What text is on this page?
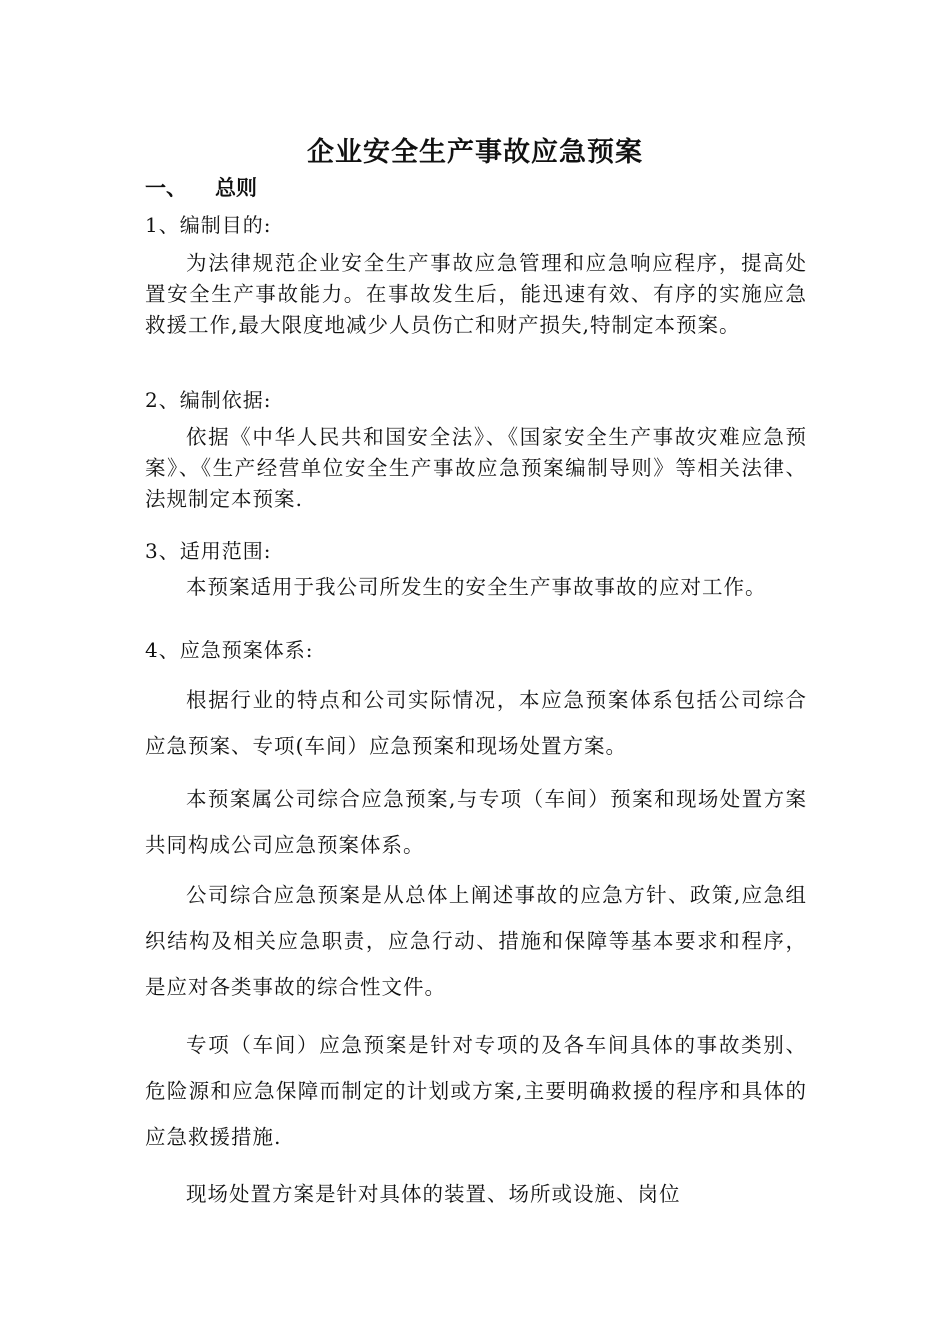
企业安全生产事故应急预案
一、 总则
1、编制目的:
为法律规范企业安全生产事故应急管理和应急响应程序，提高处置安全生产事故能力。在事故发生后，能迅速有效、有序的实施应急救援工作,最大限度地减少人员伤亡和财产损失,特制定本预案。
2、编制依据:
依据《中华人民共和国安全法》、《国家安全生产事故灾难应急预案》、《生产经营单位安全生产事故应急预案编制导则》等相关法律、法规制定本预案.
3、适用范围:
本预案适用于我公司所发生的安全生产事故事故的应对工作。
4、应急预案体系:
根据行业的特点和公司实际情况，本应急预案体系包括公司综合应急预案、专项(车间）应急预案和现场处置方案。
本预案属公司综合应急预案,与专项（车间）预案和现场处置方案共同构成公司应急预案体系。
公司综合应急预案是从总体上阐述事故的应急方针、政策,应急组织结构及相关应急职责，应急行动、措施和保障等基本要求和程序，是应对各类事故的综合性文件。
专项（车间）应急预案是针对专项的及各车间具体的事故类别、危险源和应急保障而制定的计划或方案,主要明确救援的程序和具体的应急救援措施.
现场处置方案是针对具体的装置、场所或设施、岗位
